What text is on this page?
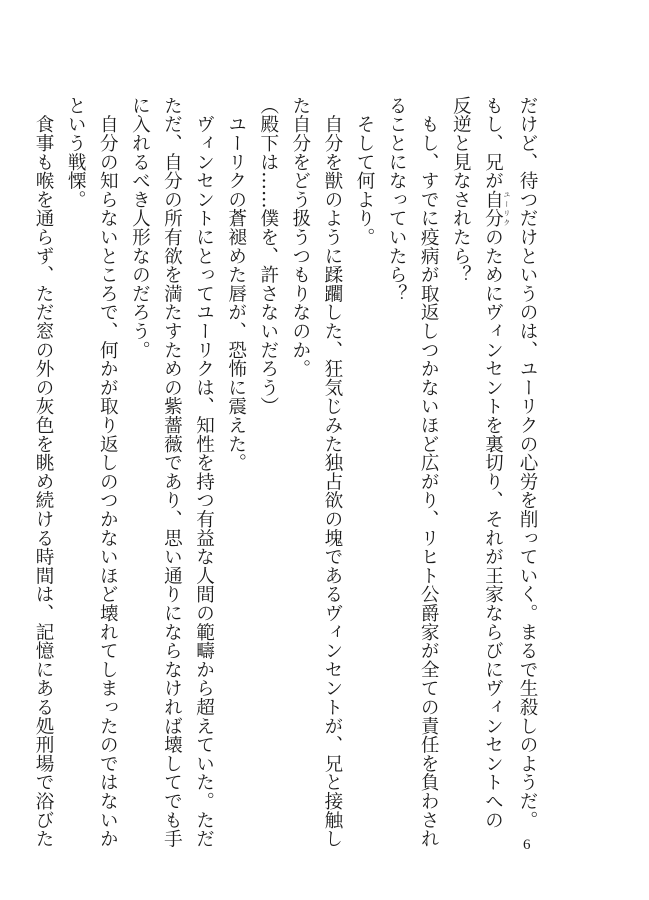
だけど、待つだけというのは、ユーリクの心労を削っていく。まるで生殺しのようだ。
もし、兄が自分 ユーリクのためにヴィンセントを裏切り、それが王家ならびにヴィンセントへの
反逆と見なされたら？
　もし、すでに疫病が取返しつかないほど広がり、リヒト公爵家が全ての責任を負わされ
ることになっていたら？
　そして何より。
　自分を獣のように蹂躙した、狂気じみた独占欲の塊であるヴィンセントが、兄と接触し
た自分をどう扱うつもりなのか。
（殿下は……僕を、許さないだろう）
　ユーリクの蒼褪めた唇が、恐怖に震えた。
　ヴィンセントにとってユーリクは、知性を持つ有益な人間の範疇から超えていた。ただ
ただ、自分の所有欲を満たすための紫薔薇であり、思い通りにならなければ壊してでも手
に入れるべき人形なのだろう。
　自分の知らないところで、何かが取り返しのつかないほど壊れてしまったのではないか
という戦慄。
　食事も喉を通らず、ただ窓の外の灰色を眺め続ける時間は、記憶にある処刑場で浴びた	6
